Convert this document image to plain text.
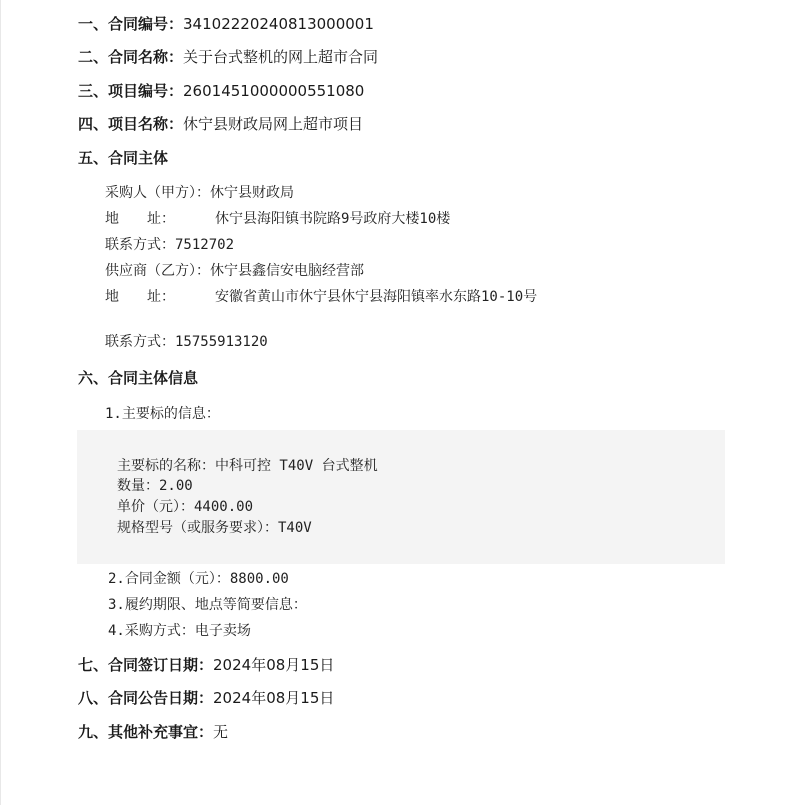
一、合同编号：34102220240813000001
二、合同名称：关于台式整机的网上超市合同
三、项目编号：2601451000000551080
四、项目名称：休宁县财政局网上超市项目
五、合同主体
采购人（甲方）：休宁县财政局
地　　址：	休宁县海阳镇书院路9号政府大楼10楼
联系方式：7512702
供应商（乙方）：休宁县鑫信安电脑经营部
地　　址：	安徽省黄山市休宁县休宁县海阳镇率水东路10-10号
联系方式：15755913120
六、合同主体信息
1.主要标的信息：
主要标的名称：中科可控 T40V 台式整机
数量：2.00
单价（元）：4400.00
规格型号（或服务要求）：T40V
2.合同金额（元）：8800.00
3.履约期限、地点等简要信息：
4.采购方式：电子卖场
七、合同签订日期：2024年08月15日
八、合同公告日期：2024年08月15日
九、其他补充事宜：无
